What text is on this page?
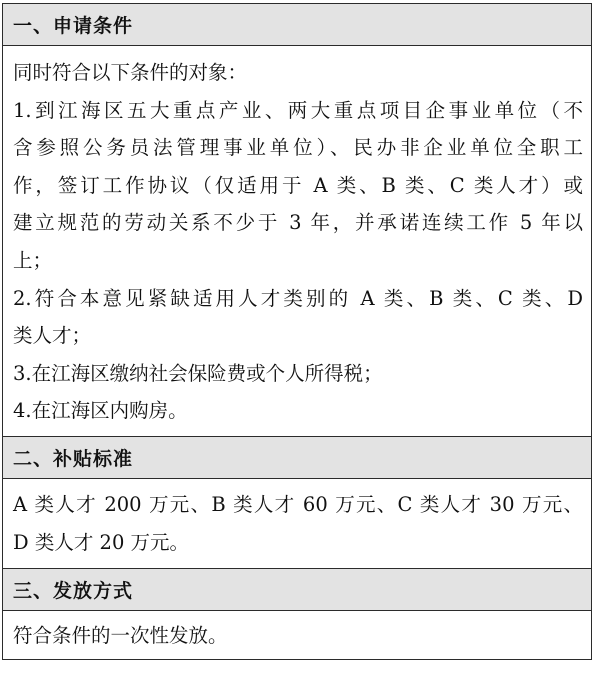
一、申请条件
同时符合以下条件的对象：
1.到江海区五大重点产业、两大重点项目企事业单位（不
含参照公务员法管理事业单位）、民办非企业单位全职工
作，签订工作协议（仅适用于 A 类、B 类、C 类人才）或
建立规范的劳动关系不少于 3 年，并承诺连续工作 5 年以
上；
2.符合本意见紧缺适用人才类别的 A 类、B 类、C 类、D
类人才；
3.在江海区缴纳社会保险费或个人所得税；
4.在江海区内购房。
二、补贴标准
A 类人才 200 万元、B 类人才 60 万元、C 类人才 30 万元、
D 类人才 20 万元。
三、发放方式
符合条件的一次性发放。
